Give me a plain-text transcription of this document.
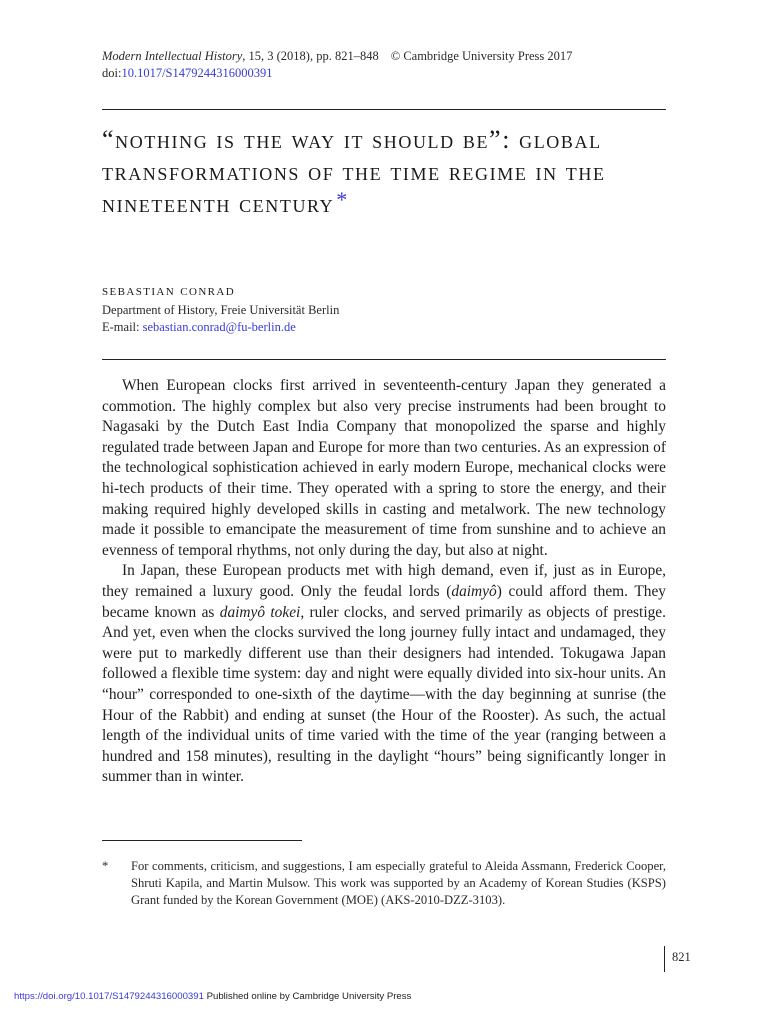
Modern Intellectual History, 15, 3 (2018), pp. 821–848 © Cambridge University Press 2017
doi:10.1017/S1479244316000391
“nothing is the way it should be”: global transformations of the time regime in the nineteenth century*
sebastian conrad
Department of History, Freie Universität Berlin
E-mail: sebastian.conrad@fu-berlin.de

When European clocks first arrived in seventeenth-century Japan they generated a commotion. The highly complex but also very precise instruments had been brought to Nagasaki by the Dutch East India Company that monopolized the sparse and highly regulated trade between Japan and Europe for more than two centuries. As an expression of the technological sophistication achieved in early modern Europe, mechanical clocks were hi-tech products of their time. They operated with a spring to store the energy, and their making required highly developed skills in casting and metalwork. The new technology made it possible to emancipate the measurement of time from sunshine and to achieve an evenness of temporal rhythms, not only during the day, but also at night.

In Japan, these European products met with high demand, even if, just as in Europe, they remained a luxury good. Only the feudal lords (daimyô) could afford them. They became known as daimyô tokei, ruler clocks, and served primarily as objects of prestige. And yet, even when the clocks survived the long journey fully intact and undamaged, they were put to markedly different use than their designers had intended. Tokugawa Japan followed a flexible time system: day and night were equally divided into six-hour units. An “hour” corresponded to one-sixth of the daytime—with the day beginning at sunrise (the Hour of the Rabbit) and ending at sunset (the Hour of the Rooster). As such, the actual length of the individual units of time varied with the time of the year (ranging between a hundred and 158 minutes), resulting in the daylight “hours” being significantly longer in summer than in winter.

* For comments, criticism, and suggestions, I am especially grateful to Aleida Assmann, Frederick Cooper, Shruti Kapila, and Martin Mulsow. This work was supported by an Academy of Korean Studies (KSPS) Grant funded by the Korean Government (MOE) (AKS-2010-DZZ-3103).
821
https://doi.org/10.1017/S1479244316000391 Published online by Cambridge University Press
